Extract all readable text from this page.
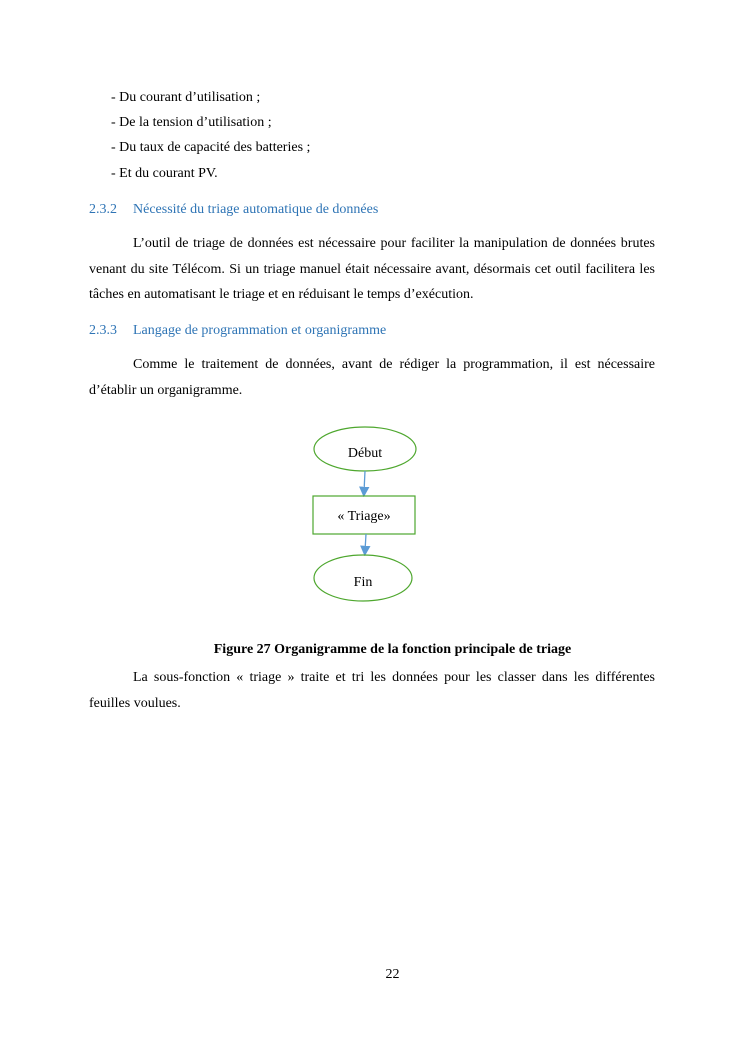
- Du courant d’utilisation ;
- De la tension d’utilisation ;
- Du taux de capacité des batteries ;
- Et du courant PV.
2.3.2 Nécessité du triage automatique de données
L’outil de triage de données est nécessaire pour faciliter la manipulation de données brutes venant du site Télécom. Si un triage manuel était nécessaire avant, désormais cet outil facilitera les tâches en automatisant le triage et en réduisant le temps d’exécution.
2.3.3 Langage de programmation et organigramme
Comme le traitement de données, avant de rédiger la programmation, il est nécessaire d’établir un organigramme.
Début
« Triage»
Fin
Figure 27 Organigramme de la fonction principale de triage
La sous-fonction « triage » traite et tri les données pour les classer dans les différentes feuilles voulues.
22
